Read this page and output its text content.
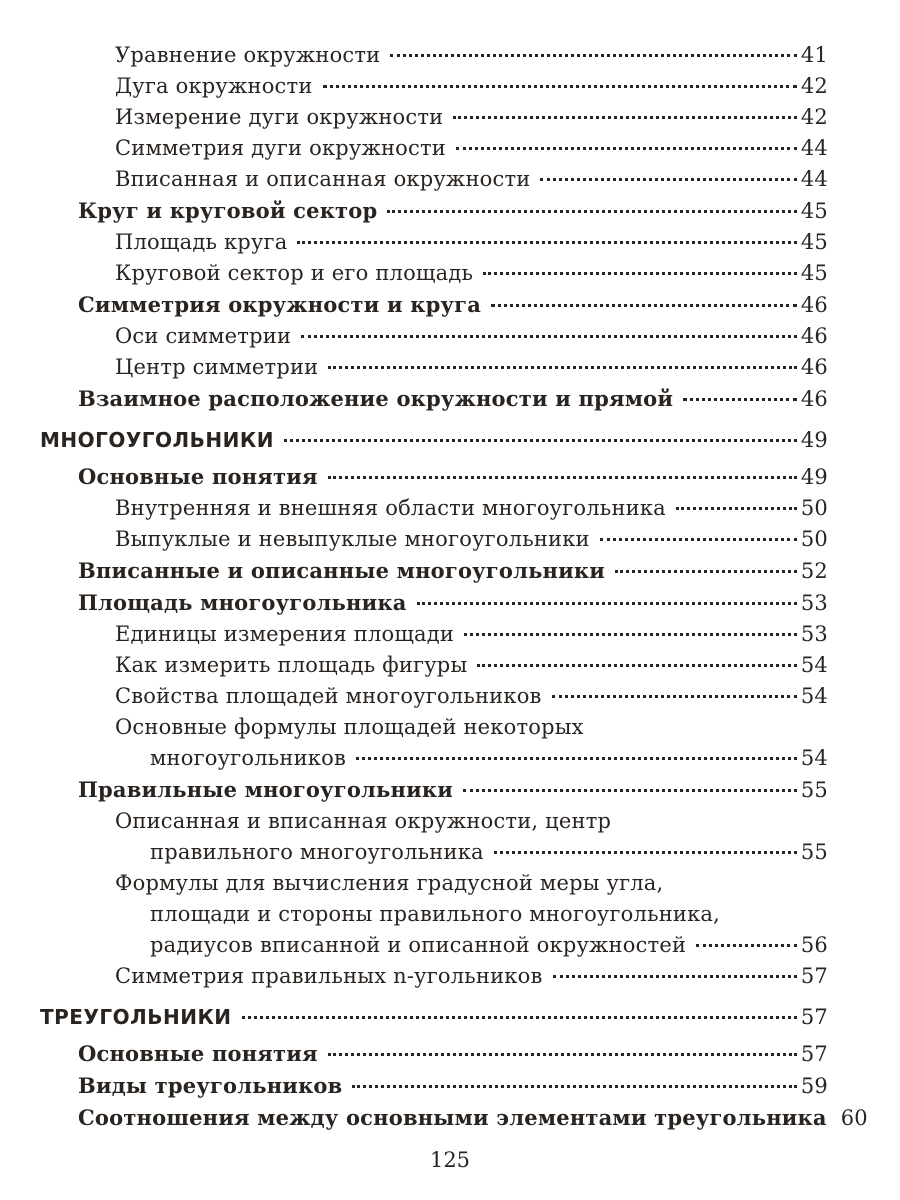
Уравнение окружности	41
Дуга окружности	42
Измерение дуги окружности	42
Симметрия дуги окружности	44
Вписанная и описанная окружности	44
Круг и круговой сектор	45
Площадь круга	45
Круговой сектор и его площадь	45
Симметрия окружности и круга	46
Оси симметрии	46
Центр симметрии	46
Взаимное расположение окружности и прямой	46
МНОГОУГОЛЬНИКИ	49
Основные понятия	49
Внутренняя и внешняя области многоугольника	50
Выпуклые и невыпуклые многоугольники	50
Вписанные и описанные многоугольники	52
Площадь многоугольника	53
Единицы измерения площади	53
Как измерить площадь фигуры	54
Свойства площадей многоугольников	54
Основные формулы площадей некоторых
многоугольников	54
Правильные многоугольники	55
Описанная и вписанная окружности, центр
правильного многоугольника	55
Формулы для вычисления градусной меры угла,
площади и стороны правильного многоугольника,
радиусов вписанной и описанной окружностей	56
Симметрия правильных n-угольников	57
ТРЕУГОЛЬНИКИ	57
Основные понятия	57
Виды треугольников	59
Соотношения между основными элементами треугольника 60
125
